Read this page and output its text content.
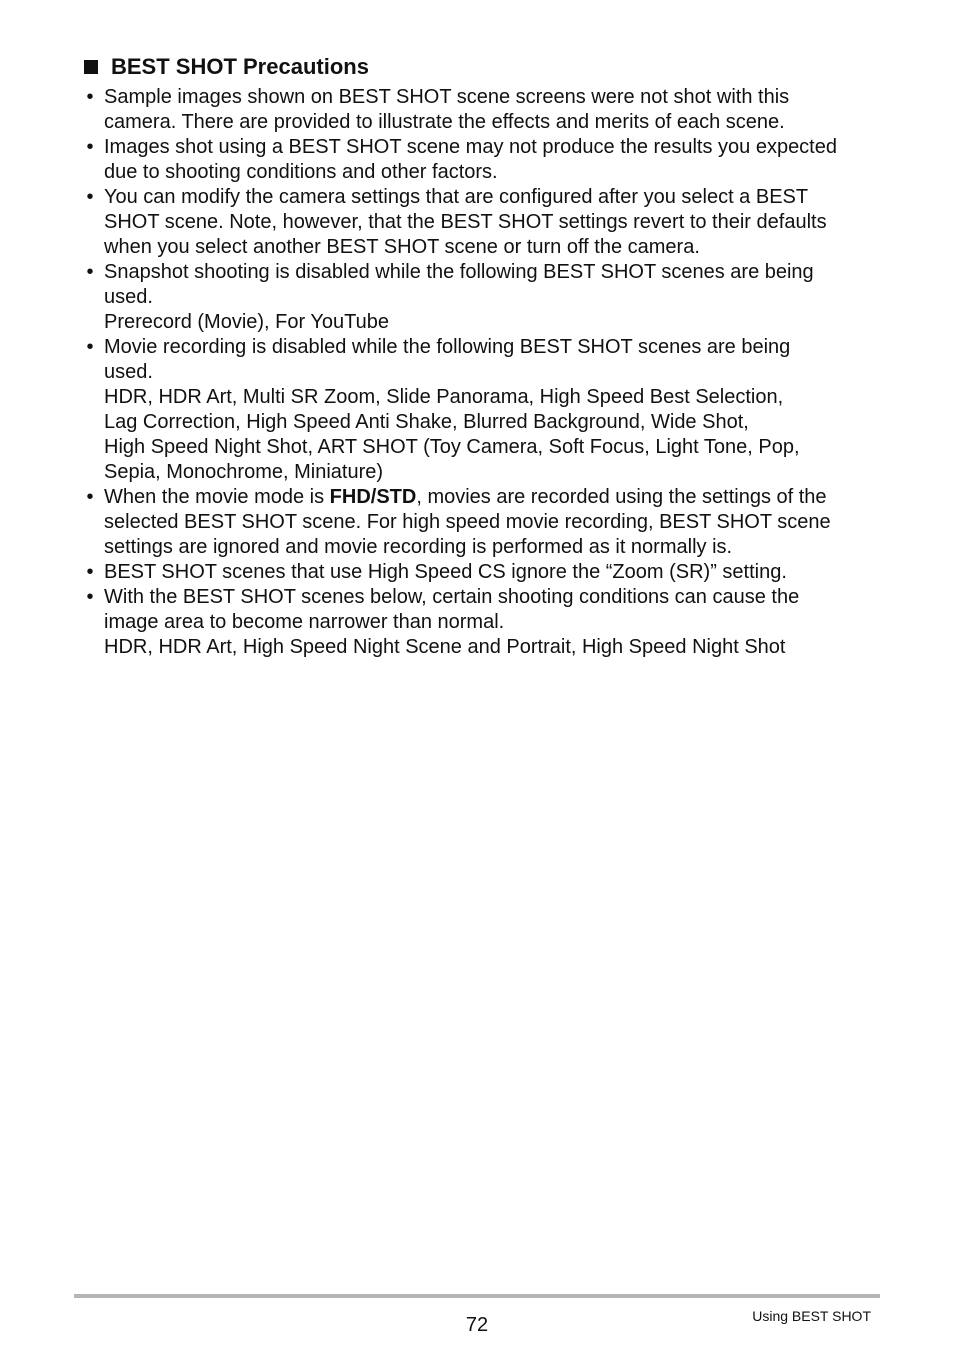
BEST SHOT Precautions
• Sample images shown on BEST SHOT scene screens were not shot with this
camera. There are provided to illustrate the effects and merits of each scene.
• Images shot using a BEST SHOT scene may not produce the results you expected
due to shooting conditions and other factors.
• You can modify the camera settings that are configured after you select a BEST
SHOT scene. Note, however, that the BEST SHOT settings revert to their defaults
when you select another BEST SHOT scene or turn off the camera.
• Snapshot shooting is disabled while the following BEST SHOT scenes are being
used.
Prerecord (Movie), For YouTube
• Movie recording is disabled while the following BEST SHOT scenes are being
used.
HDR, HDR Art, Multi SR Zoom, Slide Panorama, High Speed Best Selection,
Lag Correction, High Speed Anti Shake, Blurred Background, Wide Shot,
High Speed Night Shot, ART SHOT (Toy Camera, Soft Focus, Light Tone, Pop,
Sepia, Monochrome, Miniature)
• When the movie mode is FHD/STD, movies are recorded using the settings of the
selected BEST SHOT scene. For high speed movie recording, BEST SHOT scene
settings are ignored and movie recording is performed as it normally is.
• BEST SHOT scenes that use High Speed CS ignore the “Zoom (SR)” setting.
• With the BEST SHOT scenes below, certain shooting conditions can cause the
image area to become narrower than normal.
HDR, HDR Art, High Speed Night Scene and Portrait, High Speed Night Shot
72	Using BEST SHOT
